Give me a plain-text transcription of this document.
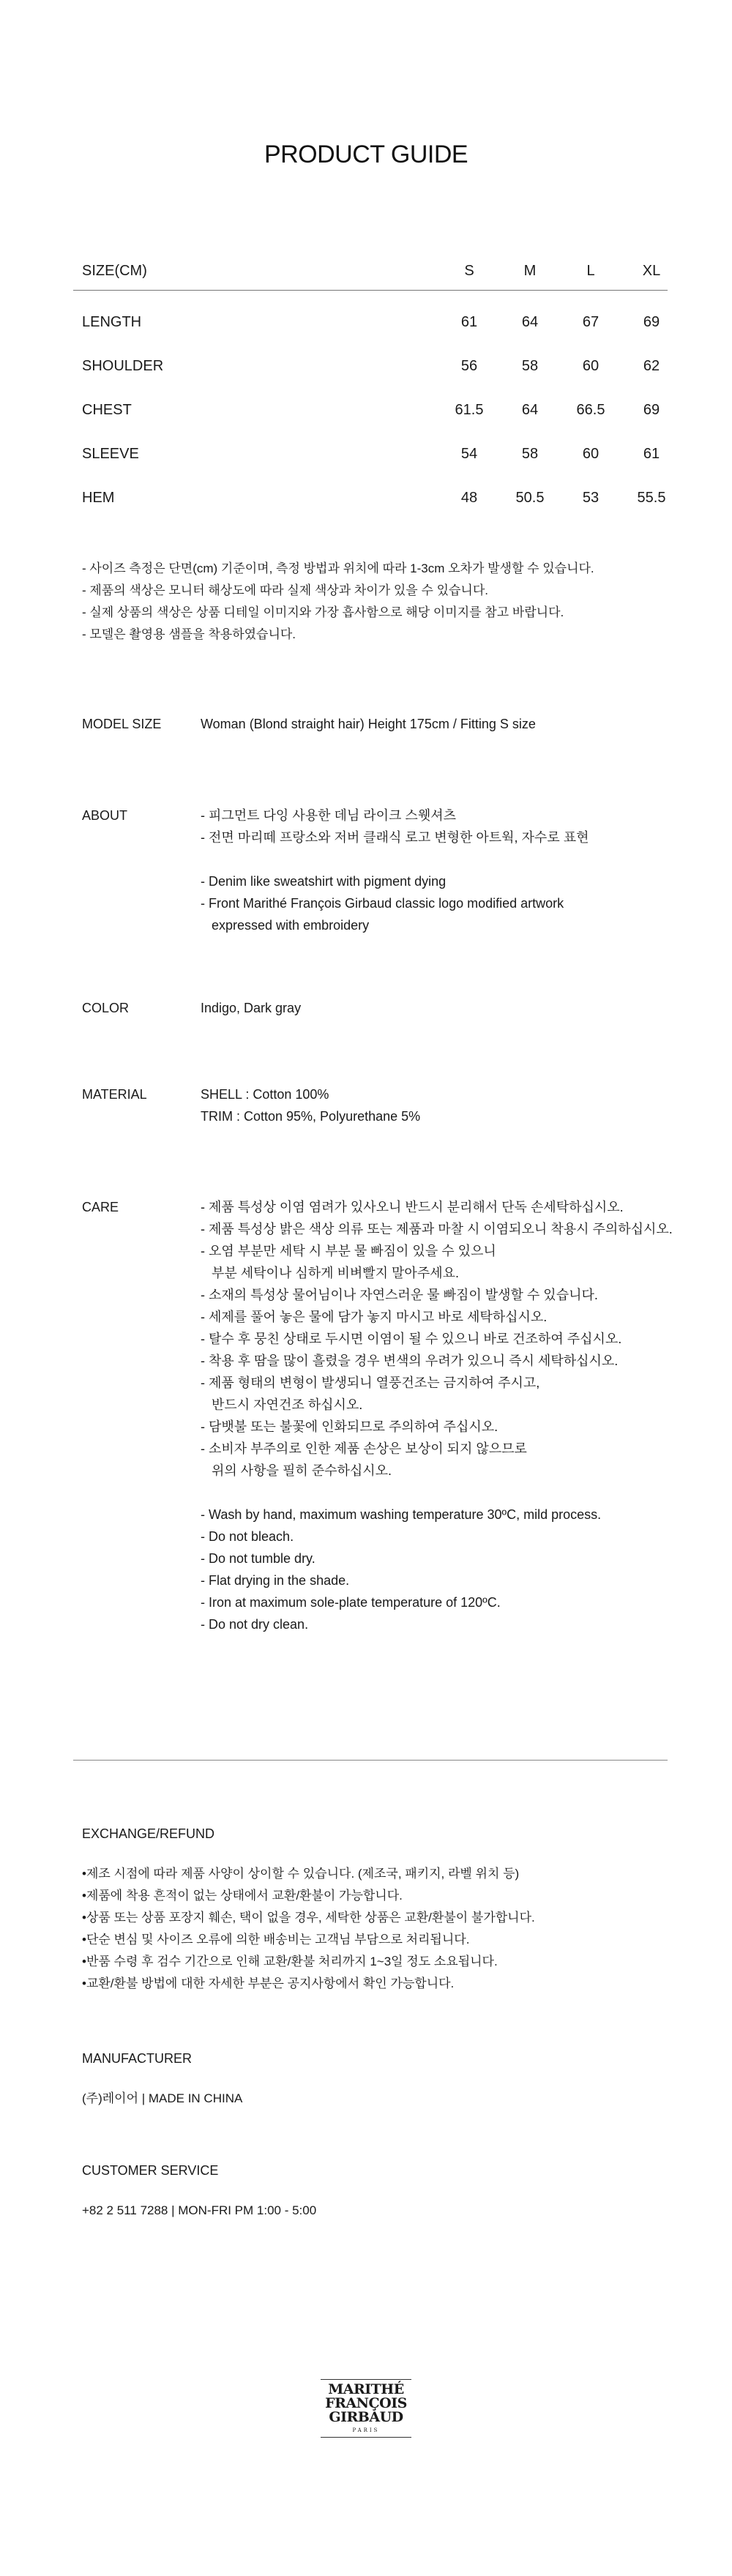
PRODUCT GUIDE
SIZE(CM)	S	M	L	XL
LENGTH	61	64	67	69
SHOULDER	56	58	60	62
CHEST	61.5	64	66.5	69
SLEEVE	54	58	60	61
HEM	48	50.5	53	55.5
- 사이즈 측정은 단면(cm) 기준이며, 측정 방법과 위치에 따라 1-3cm 오차가 발생할 수 있습니다.
- 제품의 색상은 모니터 해상도에 따라 실제 색상과 차이가 있을 수 있습니다.
- 실제 상품의 색상은 상품 디테일 이미지와 가장 흡사함으로 해당 이미지를 참고 바랍니다.
- 모델은 촬영용 샘플을 착용하였습니다.
MODEL SIZE	Woman (Blond straight hair) Height 175cm / Fitting S size
ABOUT	- 피그먼트 다잉 사용한 데님 라이크 스웻셔츠
- 전면 마리떼 프랑소와 저버 클래식 로고 변형한 아트웍, 자수로 표현
- Denim like sweatshirt with pigment dying
- Front Marithé François Girbaud classic logo modified artwork
expressed with embroidery
COLOR	Indigo, Dark gray
MATERIAL	SHELL : Cotton 100%
TRIM : Cotton 95%, Polyurethane 5%
CARE	- 제품 특성상 이염 염려가 있사오니 반드시 분리해서 단독 손세탁하십시오.
- 제품 특성상 밝은 색상 의류 또는 제품과 마찰 시 이염되오니 착용시 주의하십시오.
- 오염 부분만 세탁 시 부분 물 빠짐이 있을 수 있으니
부분 세탁이나 심하게 비벼빨지 말아주세요.
- 소재의 특성상 물어님이나 자연스러운 물 빠짐이 발생할 수 있습니다.
- 세제를 풀어 놓은 물에 담가 놓지 마시고 바로 세탁하십시오.
- 탈수 후 뭉친 상태로 두시면 이염이 될 수 있으니 바로 건조하여 주십시오.
- 착용 후 땀을 많이 흘렸을 경우 변색의 우려가 있으니 즉시 세탁하십시오.
- 제품 형태의 변형이 발생되니 열풍건조는 금지하여 주시고,
반드시 자연건조 하십시오.
- 담뱃불 또는 불꽃에 인화되므로 주의하여 주십시오.
- 소비자 부주의로 인한 제품 손상은 보상이 되지 않으므로
위의 사항을 필히 준수하십시오.
- Wash by hand, maximum washing temperature 30ºC, mild process.
- Do not bleach.
- Do not tumble dry.
- Flat drying in the shade.
- Iron at maximum sole-plate temperature of 120ºC.
- Do not dry clean.
EXCHANGE/REFUND
•제조 시점에 따라 제품 사양이 상이할 수 있습니다. (제조국, 패키지, 라벨 위치 등)
•제품에 착용 흔적이 없는 상태에서 교환/환불이 가능합니다.
•상품 또는 상품 포장지 훼손, 택이 없을 경우, 세탁한 상품은 교환/환불이 불가합니다.
•단순 변심 및 사이즈 오류에 의한 배송비는 고객님 부담으로 처리됩니다.
•반품 수령 후 검수 기간으로 인해 교환/환불 처리까지 1~3일 정도 소요됩니다.
•교환/환불 방법에 대한 자세한 부분은 공지사항에서 확인 가능합니다.
MANUFACTURER
(주)레이어 | MADE IN CHINA
CUSTOMER SERVICE
+82 2 511 7288 | MON-FRI PM 1:00 - 5:00
MARITHÉ
FRANÇOIS
GIRBAUD
PARIS
